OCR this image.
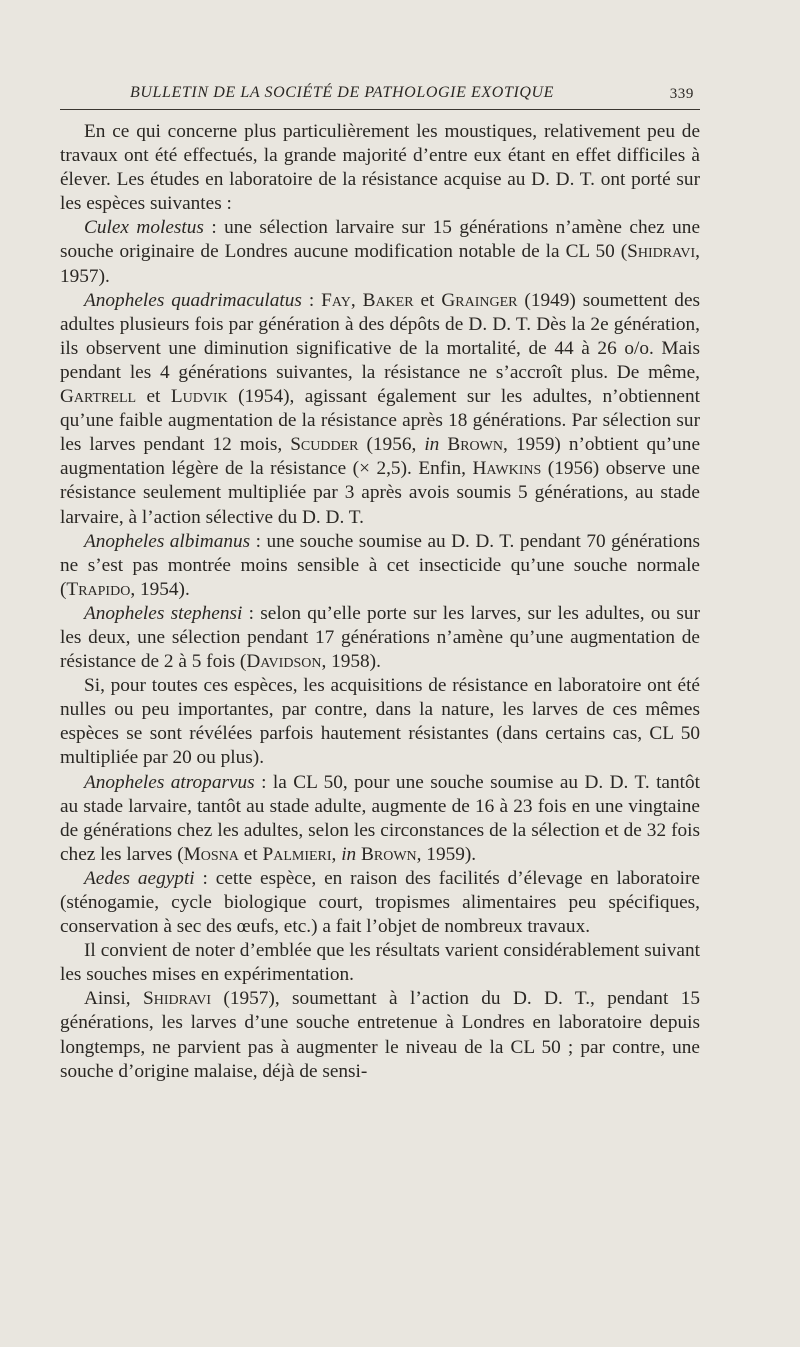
BULLETIN DE LA SOCIÉTÉ DE PATHOLOGIE EXOTIQUE	339

En ce qui concerne plus particulièrement les moustiques, relativement peu de travaux ont été effectués, la grande majorité d’entre eux étant en effet difficiles à élever. Les études en laboratoire de la résistance acquise au D. D. T. ont porté sur les espèces suivantes :

Culex molestus : une sélection larvaire sur 15 générations n’amène chez une souche originaire de Londres aucune modification notable de la CL 50 (Shidravi, 1957).

Anopheles quadrimaculatus : Fay, Baker et Grainger (1949) soumettent des adultes plusieurs fois par génération à des dépôts de D. D. T. Dès la 2e génération, ils observent une diminution significative de la mortalité, de 44 à 26 o/o. Mais pendant les 4 générations suivantes, la résistance ne s’accroît plus. De même, Gartrell et Ludvik (1954), agissant également sur les adultes, n’obtiennent qu’une faible augmentation de la résistance après 18 générations. Par sélection sur les larves pendant 12 mois, Scudder (1956, in Brown, 1959) n’obtient qu’une augmentation légère de la résistance (× 2,5). Enfin, Hawkins (1956) observe une résistance seulement multipliée par 3 après avois soumis 5 générations, au stade larvaire, à l’action sélective du D. D. T.

Anopheles albimanus : une souche soumise au D. D. T. pendant 70 générations ne s’est pas montrée moins sensible à cet insecticide qu’une souche normale (Trapido, 1954).

Anopheles stephensi : selon qu’elle porte sur les larves, sur les adultes, ou sur les deux, une sélection pendant 17 générations n’amène qu’une augmentation de résistance de 2 à 5 fois (Davidson, 1958).

Si, pour toutes ces espèces, les acquisitions de résistance en laboratoire ont été nulles ou peu importantes, par contre, dans la nature, les larves de ces mêmes espèces se sont révélées parfois hautement résistantes (dans certains cas, CL 50 multipliée par 20 ou plus).

Anopheles atroparvus : la CL 50, pour une souche soumise au D. D. T. tantôt au stade larvaire, tantôt au stade adulte, augmente de 16 à 23 fois en une vingtaine de générations chez les adultes, selon les circonstances de la sélection et de 32 fois chez les larves (Mosna et Palmieri, in Brown, 1959).

Aedes aegypti : cette espèce, en raison des facilités d’élevage en laboratoire (sténogamie, cycle biologique court, tropismes alimentaires peu spécifiques, conservation à sec des œufs, etc.) a fait l’objet de nombreux travaux.

Il convient de noter d’emblée que les résultats varient considérablement suivant les souches mises en expérimentation.

Ainsi, Shidravi (1957), soumettant à l’action du D. D. T., pendant 15 générations, les larves d’une souche entretenue à Londres en laboratoire depuis longtemps, ne parvient pas à augmenter le niveau de la CL 50 ; par contre, une souche d’origine malaise, déjà de sensi-
